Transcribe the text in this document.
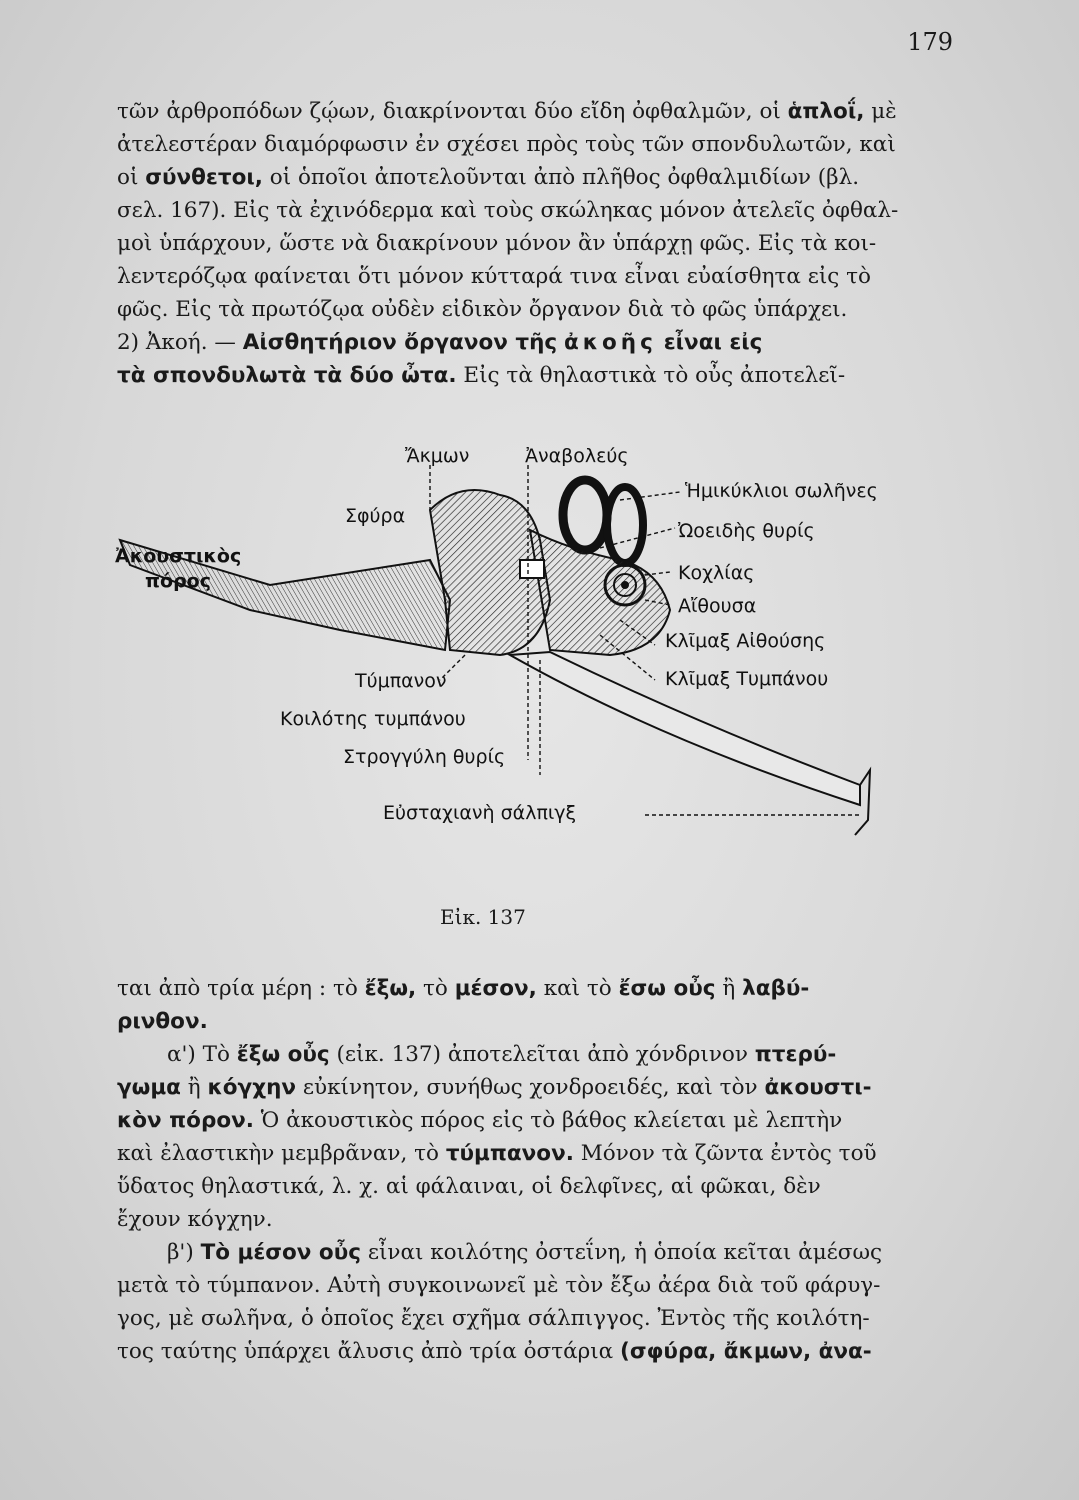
179
τῶν ἀρθροπόδων ζῴων, διακρίνονται δύο εἴδη ὀφθαλμῶν, οἱ ἁπλοΐ, μὲ
ἀτελεστέραν διαμόρφωσιν ἐν σχέσει πρὸς τοὺς τῶν σπονδυλωτῶν, καὶ
οἱ σύνθετοι, οἱ ὁποῖοι ἀποτελοῦνται ἀπὸ πλῆθος ὀφθαλμιδίων (βλ.
σελ. 167). Εἰς τὰ ἐχινόδερμα καὶ τοὺς σκώληκας μόνον ἀτελεῖς ὀφθαλ-
μοὶ ὑπάρχουν, ὥστε νὰ διακρίνουν μόνον ἂν ὑπάρχῃ φῶς. Εἰς τὰ κοι-
λεντερόζῳα φαίνεται ὅτι μόνον κύτταρά τινα εἶναι εὐαίσθητα εἰς τὸ
φῶς. Εἰς τὰ πρωτόζῳα οὐδὲν εἰδικὸν ὄργανον διὰ τὸ φῶς ὑπάρχει.
2) Ἀκοή. — Αἰσθητήριον ὄργανον τῆς ἀκοῆς εἶναι εἰς
τὰ σπονδυλωτὰ τὰ δύο ὦτα. Εἰς τὰ θηλαστικὰ τὸ οὖς ἀποτελεῖ-
Ἄκμων	Ἀναβολεύς
Ἡμικύκλιοι σωλῆνες
Σφύρα
Ὠοειδὴς θυρίς
Ἀκουστικὸς
πόρος	Κοχλίας
Αἴθουσα
Κλῖμαξ Αἰθούσης
Τύμπανον	Κλῖμαξ Τυμπάνου
Κοιλότης τυμπάνου
Στρογγύλη θυρίς
Εὐσταχιανὴ σάλπιγξ
Εἰκ. 137
ται ἀπὸ τρία μέρη : τὸ ἔξω, τὸ μέσον, καὶ τὸ ἔσω οὖς ἢ λαβύ-
ρινθον.
α') Τὸ ἔξω οὖς (εἰκ. 137) ἀποτελεῖται ἀπὸ χόνδρινον πτερύ-
γωμα ἢ κόγχην εὐκίνητον, συνήθως χονδροειδές, καὶ τὸν ἀκουστι-
κὸν πόρον. Ὁ ἀκουστικὸς πόρος εἰς τὸ βάθος κλείεται μὲ λεπτὴν
καὶ ἐλαστικὴν μεμβρᾶναν, τὸ τύμπανον. Μόνον τὰ ζῶντα ἐντὸς τοῦ
ὕδατος θηλαστικά, λ. χ. αἱ φάλαιναι, οἱ δελφῖνες, αἱ φῶκαι, δὲν
ἔχουν κόγχην.
β') Τὸ μέσον οὖς εἶναι κοιλότης ὀστεΐνη, ἡ ὁποία κεῖται ἀμέσως
μετὰ τὸ τύμπανον. Αὐτὴ συγκοινωνεῖ μὲ τὸν ἔξω ἀέρα διὰ τοῦ φάρυγ-
γος, μὲ σωλῆνα, ὁ ὁποῖος ἔχει σχῆμα σάλπιγγος. Ἐντὸς τῆς κοιλότη-
τος ταύτης ὑπάρχει ἄλυσις ἀπὸ τρία ὀστάρια (σφύρα, ἄκμων, ἀνα-
